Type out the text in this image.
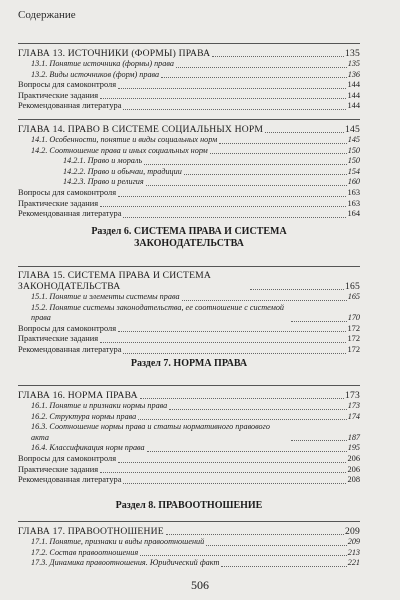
Содержание
ГЛАВА 13. ИСТОЧНИКИ (ФОРМЫ) ПРАВА	135
13.1. Понятие источника (формы) права	135
13.2. Виды источников (форм) права	136
Вопросы для самоконтроля	144
Практические задания	144
Рекомендованная литература	144
ГЛАВА 14. ПРАВО В СИСТЕМЕ СОЦИАЛЬНЫХ НОРМ	145
14.1. Особенности, понятие и виды социальных норм	145
14.2. Соотношение права и иных социальных норм	150
14.2.1. Право и мораль	150
14.2.2. Право и обычаи, традиции	154
14.2.3. Право и религия	160
Вопросы для самоконтроля	163
Практические задания	163
Рекомендованная литература	164
Раздел 6. СИСТЕМА ПРАВА И СИСТЕМА ЗАКОНОДАТЕЛЬСТВА
ГЛАВА 15. СИСТЕМА ПРАВА И СИСТЕМА ЗАКОНОДАТЕЛЬСТВА	165
15.1. Понятие и элементы системы права	165
15.2. Понятие системы законодательства, ее соотношение с системой права	170
Вопросы для самоконтроля	172
Практические задания	172
Рекомендованная литература	172
Раздел 7. НОРМА ПРАВА
ГЛАВА 16. НОРМА ПРАВА	173
16.1. Понятие и признаки нормы права	173
16.2. Структура нормы права	174
16.3. Соотношение нормы права и статьи нормативного правового акта	187
16.4. Классификация норм права	195
Вопросы для самоконтроля	206
Практические задания	206
Рекомендованная литература	208
Раздел 8. ПРАВООТНОШЕНИЕ
ГЛАВА 17. ПРАВООТНОШЕНИЕ	209
17.1. Понятие, признаки и виды правоотношений	209
17.2. Состав правоотношения	213
17.3. Динамика правоотношения. Юридический факт	221
506
